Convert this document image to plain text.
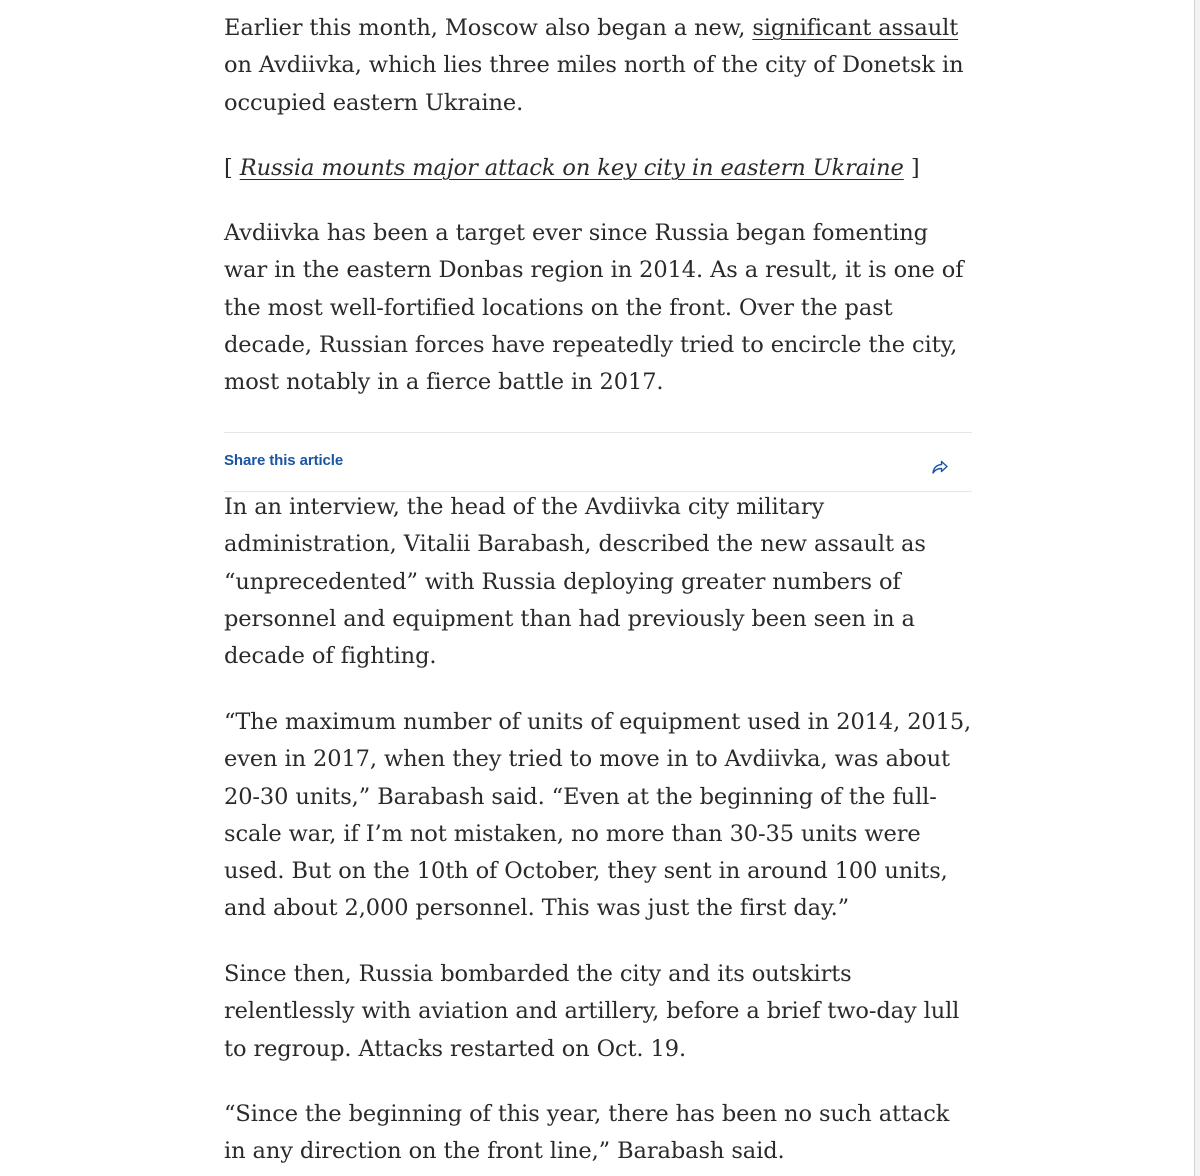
Earlier this month, Moscow also began a new, significant assault on Avdiivka, which lies three miles north of the city of Donetsk in occupied eastern Ukraine.

[ Russia mounts major attack on key city in eastern Ukraine ]

Avdiivka has been a target ever since Russia began fomenting war in the eastern Donbas region in 2014. As a result, it is one of the most well-fortified locations on the front. Over the past decade, Russian forces have repeatedly tried to encircle the city, most notably in a fierce battle in 2017.

Share this article

In an interview, the head of the Avdiivka city military administration, Vitalii Barabash, described the new assault as “unprecedented” with Russia deploying greater numbers of personnel and equipment than had previously been seen in a decade of fighting.

“The maximum number of units of equipment used in 2014, 2015, even in 2017, when they tried to move in to Avdiivka, was about 20-30 units,” Barabash said. “Even at the beginning of the full-scale war, if I’m not mistaken, no more than 30-35 units were used. But on the 10th of October, they sent in around 100 units, and about 2,000 personnel. This was just the first day.”

Since then, Russia bombarded the city and its outskirts relentlessly with aviation and artillery, before a brief two-day lull to regroup. Attacks restarted on Oct. 19.

“Since the beginning of this year, there has been no such attack in any direction on the front line,” Barabash said.
